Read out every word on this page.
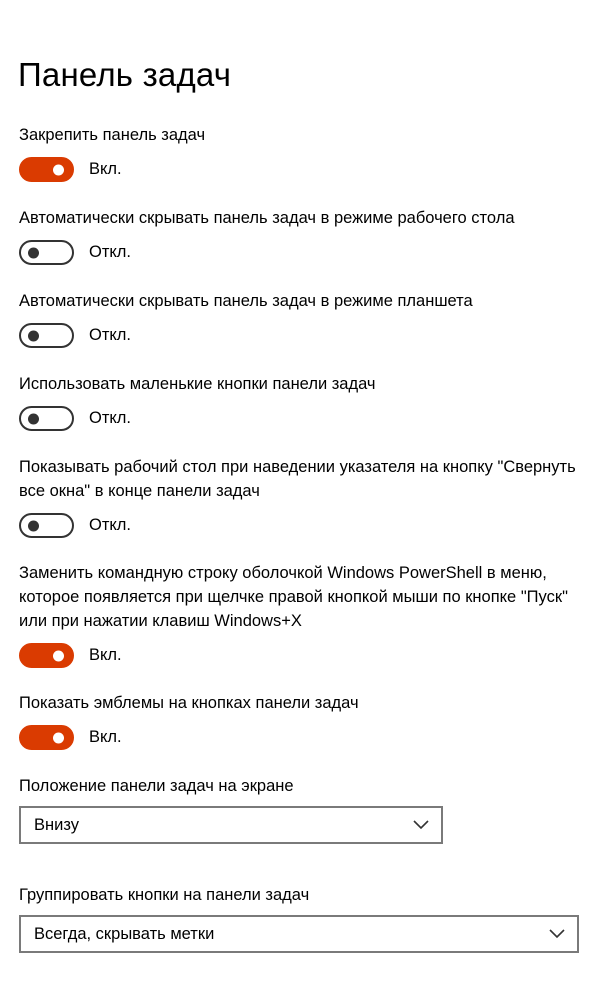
Панель задач
Закрепить панель задач
Вкл.
Автоматически скрывать панель задач в режиме рабочего стола
Откл.
Автоматически скрывать панель задач в режиме планшета
Откл.
Использовать маленькие кнопки панели задач
Откл.
Показывать рабочий стол при наведении указателя на кнопку "Свернуть все окна" в конце панели задач
Откл.
Заменить командную строку оболочкой Windows PowerShell в меню, которое появляется при щелчке правой кнопкой мыши по кнопке "Пуск" или при нажатии клавиш Windows+X
Вкл.
Показать эмблемы на кнопках панели задач
Вкл.
Положение панели задач на экране
Внизу
Группировать кнопки на панели задач
Всегда, скрывать метки
